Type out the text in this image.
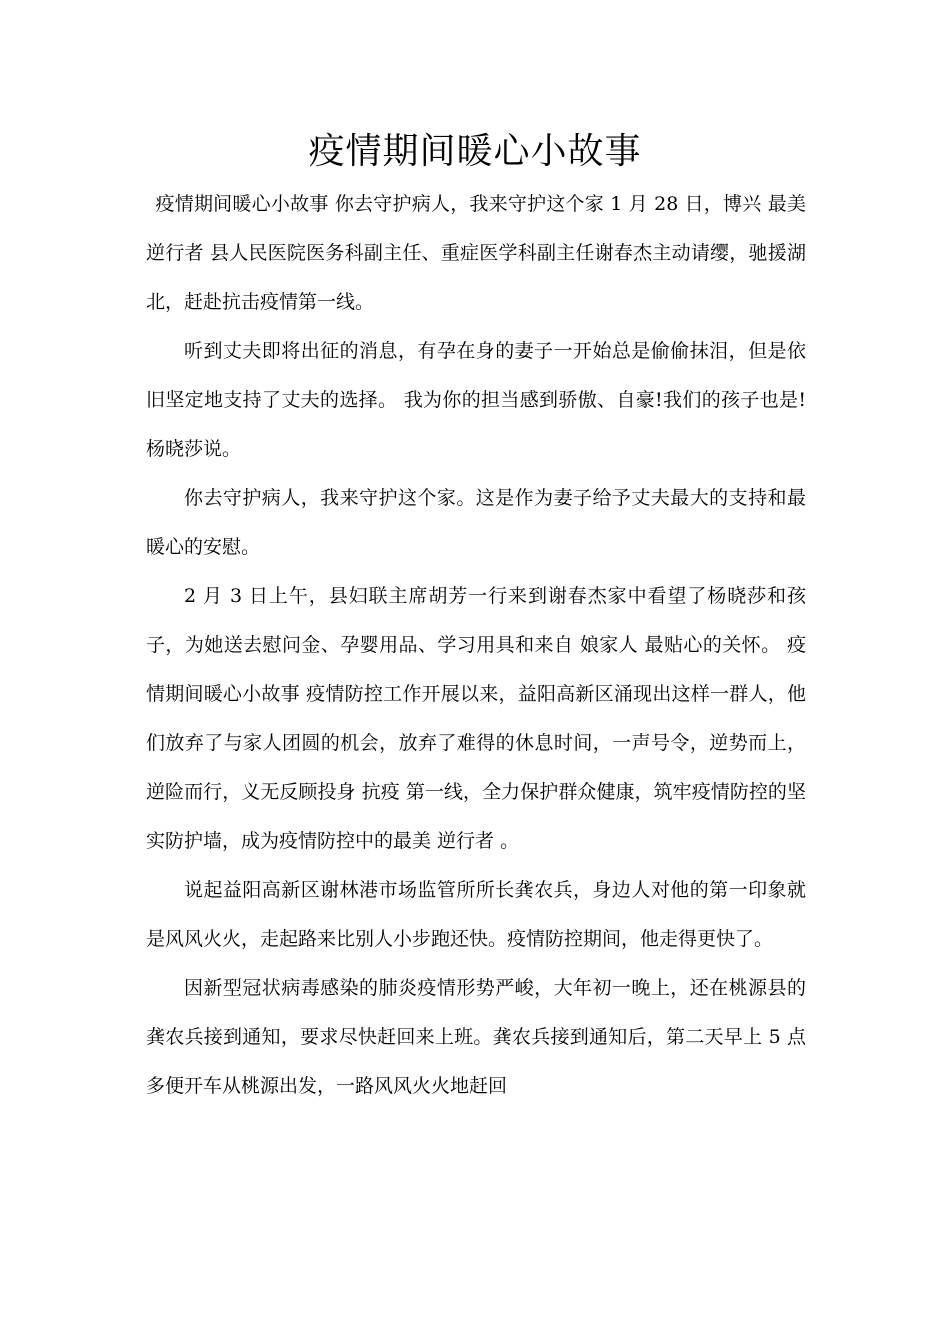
疫情期间暖心小故事

疫情期间暖心小故事 你去守护病人，我来守护这个家 1 月 28 日，博兴 最美逆行者 县人民医院医务科副主任、重症医学科副主任谢春杰主动请缨，驰援湖北，赶赴抗击疫情第一线。

听到丈夫即将出征的消息，有孕在身的妻子一开始总是偷偷抹泪，但是依旧坚定地支持了丈夫的选择。 我为你的担当感到骄傲、自豪!我们的孩子也是! 杨晓莎说。

你去守护病人，我来守护这个家。这是作为妻子给予丈夫最大的支持和最暖心的安慰。

2 月 3 日上午，县妇联主席胡芳一行来到谢春杰家中看望了杨晓莎和孩子，为她送去慰问金、孕婴用品、学习用具和来自 娘家人 最贴心的关怀。 疫情期间暖心小故事 疫情防控工作开展以来，益阳高新区涌现出这样一群人，他们放弃了与家人团圆的机会，放弃了难得的休息时间，一声号令，逆势而上，逆险而行，义无反顾投身 抗疫 第一线，全力保护群众健康，筑牢疫情防控的坚实防护墙，成为疫情防控中的最美 逆行者 。

说起益阳高新区谢林港市场监管所所长龚农兵，身边人对他的第一印象就是风风火火，走起路来比别人小步跑还快。疫情防控期间，他走得更快了。

因新型冠状病毒感染的肺炎疫情形势严峻，大年初一晚上，还在桃源县的龚农兵接到通知，要求尽快赶回来上班。龚农兵接到通知后，第二天早上 5 点多便开车从桃源出发，一路风风火火地赶回
